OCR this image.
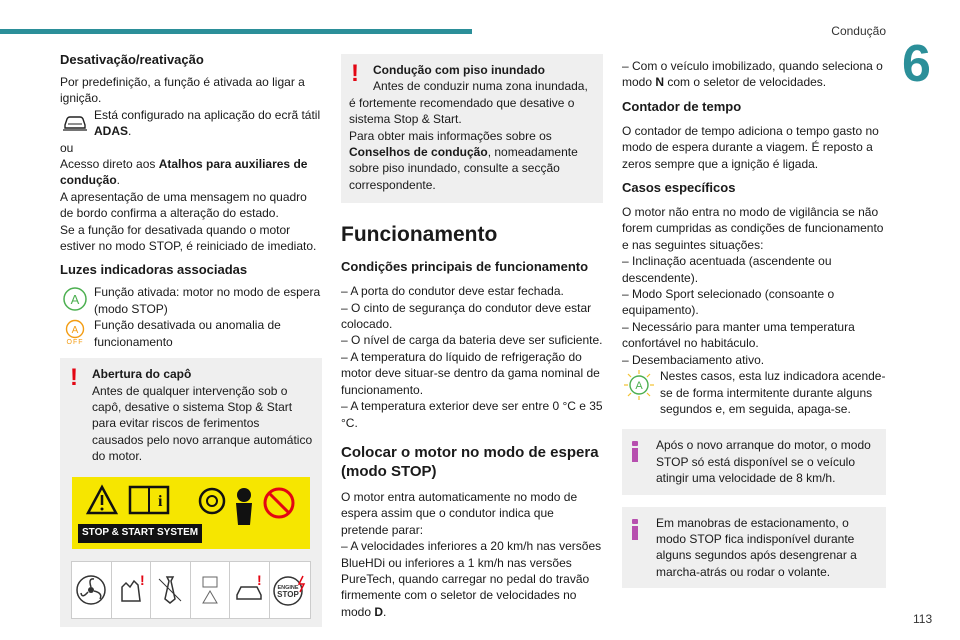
Condução
6
113
Desativação/reativação

Por predefinição, a função é ativada ao ligar a ignição.

Está configurado na aplicação do ecrã tátil ADAS.

ou

Acesso direto aos Atalhos para auxiliares de condução.

A apresentação de uma mensagem no quadro de bordo confirma a alteração do estado.

Se a função for desativada quando o motor estiver no modo STOP, é reiniciado de imediato.

Luzes indicadoras associadas
A Função ativada: motor no modo de espera (modo STOP)

A
OFF

Função desativada ou anomalia de funcionamento

! Abertura do capô

Antes de qualquer intervenção sob o capô, desative o sistema Stop & Start para evitar riscos de ferimentos causados pelo novo arranque automático do motor.

i
STOP & START SYSTEM
!	!	ENGINE
STOP
! Condução com piso inundado

Antes de conduzir numa zona inundada, é fortemente recomendado que desative o sistema Stop & Start.

Para obter mais informações sobre os Conselhos de condução, nomeadamente sobre piso inundado, consulte a secção correspondente.

Funcionamento
Condições principais de funcionamento

– A porta do condutor deve estar fechada.

– O cinto de segurança do condutor deve estar colocado.

– O nível de carga da bateria deve ser suficiente.

– A temperatura do líquido de refrigeração do motor deve situar-se dentro da gama nominal de funcionamento.

– A temperatura exterior deve ser entre 0 °C e 35 °C.

Colocar o motor no modo de espera (modo STOP)

O motor entra automaticamente no modo de espera assim que o condutor indica que pretende parar:

– A velocidades inferiores a 20 km/h nas versões BlueHDi ou inferiores a 1 km/h nas versões PureTech, quando carregar no pedal do travão firmemente com o seletor de velocidades no modo D.

– Com o veículo imobilizado, quando seleciona o modo N com o seletor de velocidades.

Contador de tempo

O contador de tempo adiciona o tempo gasto no modo de espera durante a viagem. É reposto a zeros sempre que a ignição é ligada.

Casos específicos

O motor não entra no modo de vigilância se não forem cumpridas as condições de funcionamento e nas seguintes situações:

– Inclinação acentuada (ascendente ou descendente).

– Modo Sport selecionado (consoante o equipamento).

– Necessário para manter uma temperatura confortável no habitáculo.

– Desembaciamento ativo.

A

Nestes casos, esta luz indicadora acende-se de forma intermitente durante alguns segundos e, em seguida, apaga-se.

Após o novo arranque do motor, o modo STOP só está disponível se o veículo atingir uma velocidade de 8 km/h.

Em manobras de estacionamento, o modo STOP fica indisponível durante alguns segundos após desengrenar a marcha-atrás ou rodar o volante.
